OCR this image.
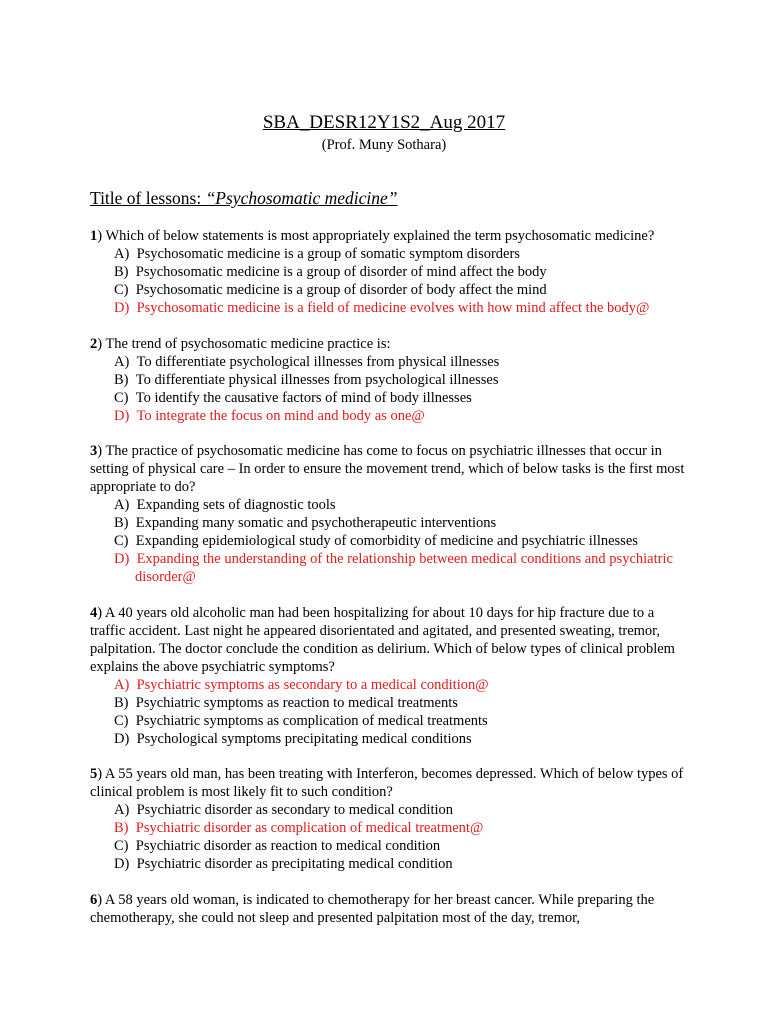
SBA_DESR12Y1S2_Aug 2017
(Prof. Muny Sothara)
Title of lessons: “Psychosomatic medicine”
1) Which of below statements is most appropriately explained the term psychosomatic medicine?
A) Psychosomatic medicine is a group of somatic symptom disorders
B) Psychosomatic medicine is a group of disorder of mind affect the body
C) Psychosomatic medicine is a group of disorder of body affect the mind
D) Psychosomatic medicine is a field of medicine evolves with how mind affect the body@
2) The trend of psychosomatic medicine practice is:
A) To differentiate psychological illnesses from physical illnesses
B) To differentiate physical illnesses from psychological illnesses
C) To identify the causative factors of mind of body illnesses
D) To integrate the focus on mind and body as one@
3) The practice of psychosomatic medicine has come to focus on psychiatric illnesses that occur in setting of physical care – In order to ensure the movement trend, which of below tasks is the first most appropriate to do?
A) Expanding sets of diagnostic tools
B) Expanding many somatic and psychotherapeutic interventions
C) Expanding epidemiological study of comorbidity of medicine and psychiatric illnesses
D) Expanding the understanding of the relationship between medical conditions and psychiatric disorder@
4) A 40 years old alcoholic man had been hospitalizing for about 10 days for hip fracture due to a traffic accident. Last night he appeared disorientated and agitated, and presented sweating, tremor, palpitation. The doctor conclude the condition as delirium. Which of below types of clinical problem explains the above psychiatric symptoms?
A) Psychiatric symptoms as secondary to a medical condition@
B) Psychiatric symptoms as reaction to medical treatments
C) Psychiatric symptoms as complication of medical treatments
D) Psychological symptoms precipitating medical conditions
5) A 55 years old man, has been treating with Interferon, becomes depressed. Which of below types of clinical problem is most likely fit to such condition?
A) Psychiatric disorder as secondary to medical condition
B) Psychiatric disorder as complication of medical treatment@
C) Psychiatric disorder as reaction to medical condition
D) Psychiatric disorder as precipitating medical condition
6) A 58 years old woman, is indicated to chemotherapy for her breast cancer. While preparing the chemotherapy, she could not sleep and presented palpitation most of the day, tremor,
